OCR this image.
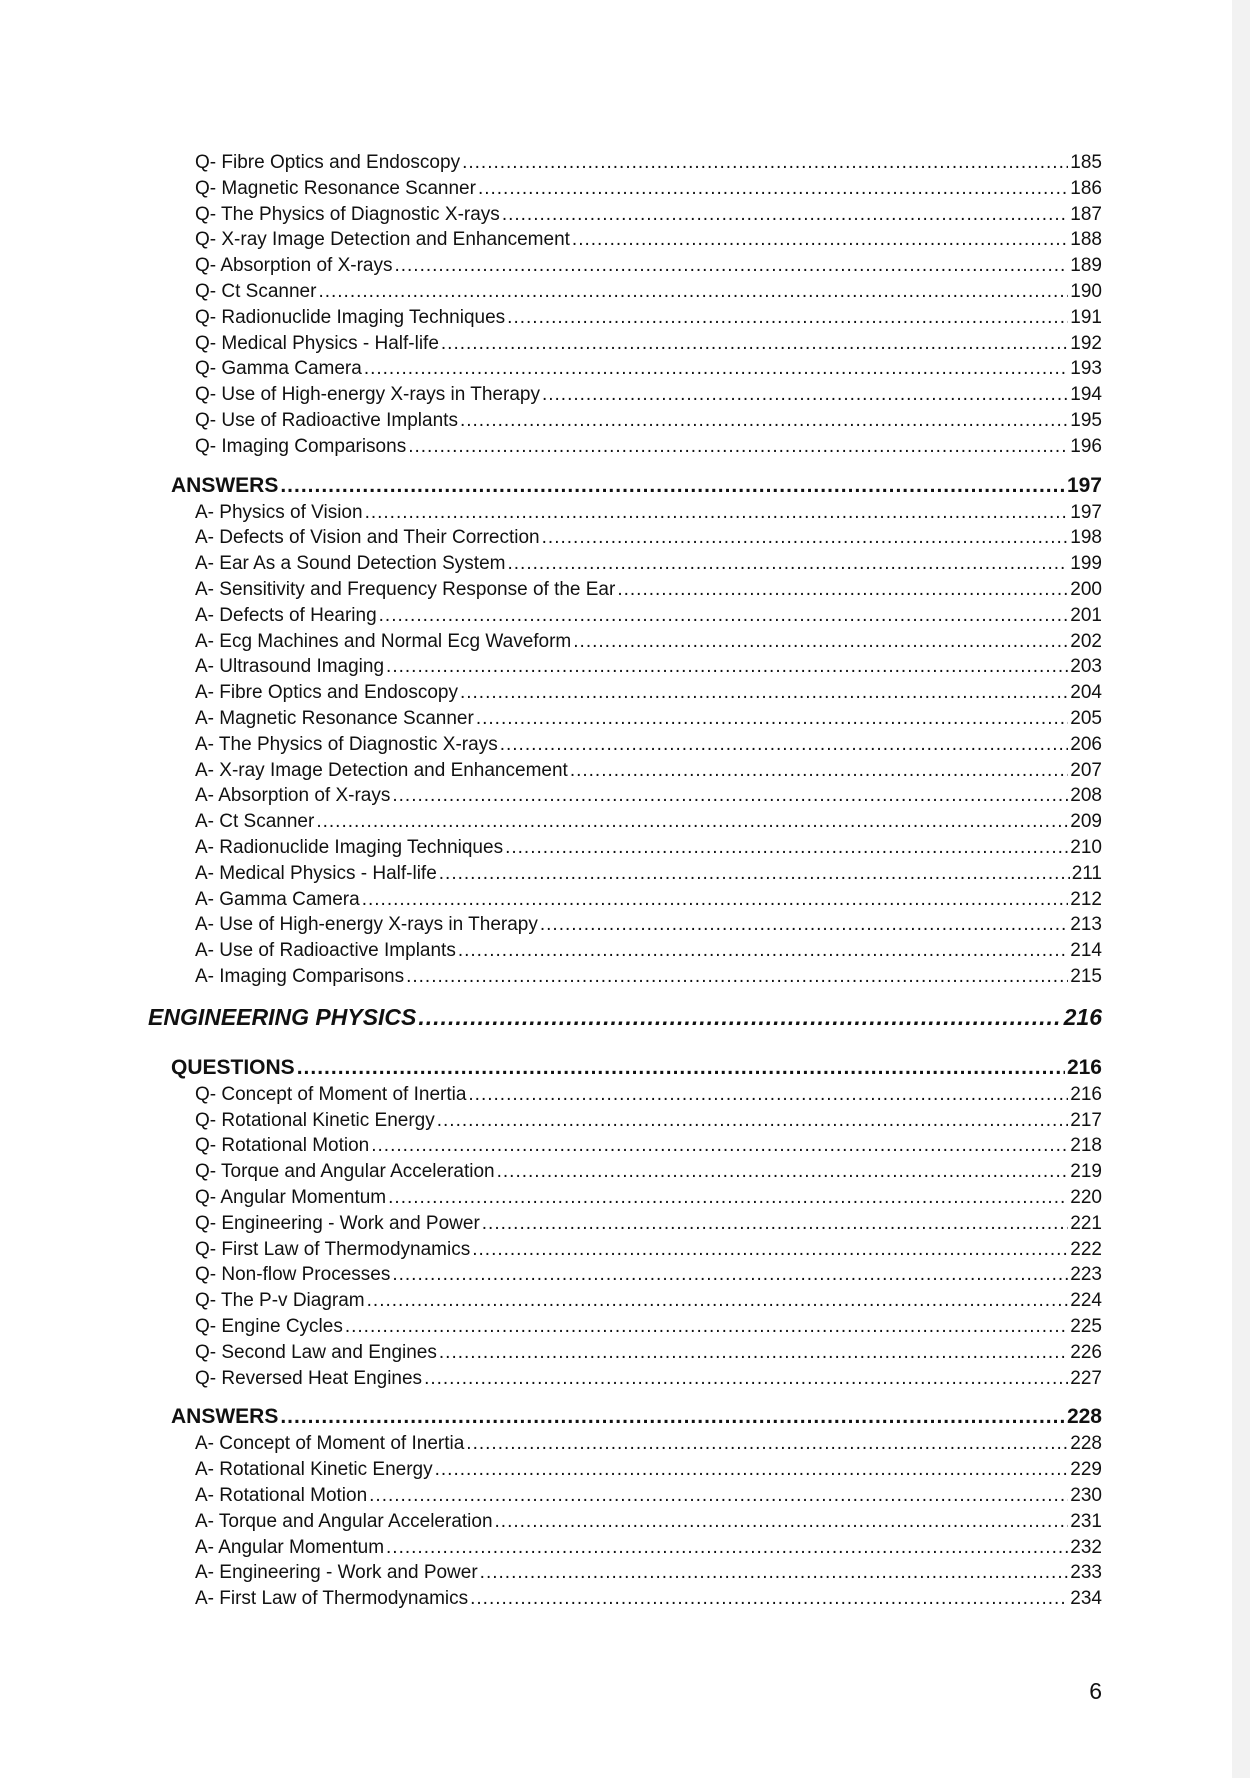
Q- Fibre Optics and Endoscopy .....	185
Q- Magnetic Resonance Scanner .....	186
Q- The Physics of Diagnostic X-rays .....	187
Q- X-ray Image Detection and Enhancement .....	188
Q- Absorption of X-rays .....	189
Q- Ct Scanner .....	190
Q- Radionuclide Imaging Techniques .....	191
Q- Medical Physics - Half-life .....	192
Q- Gamma Camera .....	193
Q- Use of High-energy X-rays in Therapy .....	194
Q- Use of Radioactive Implants .....	195
Q- Imaging Comparisons .....	196
ANSWERS .....	197
A- Physics of Vision .....	197
A- Defects of Vision and Their Correction .....	198
A- Ear As a Sound Detection System .....	199
A- Sensitivity and Frequency Response of the Ear .....	200
A- Defects of Hearing .....	201
A- Ecg Machines and Normal Ecg Waveform .....	202
A- Ultrasound Imaging .....	203
A- Fibre Optics and Endoscopy .....	204
A- Magnetic Resonance Scanner .....	205
A- The Physics of Diagnostic X-rays .....	206
A- X-ray Image Detection and Enhancement .....	207
A- Absorption of X-rays .....	208
A- Ct Scanner .....	209
A- Radionuclide Imaging Techniques .....	210
A- Medical Physics - Half-life .....	211
A- Gamma Camera .....	212
A- Use of High-energy X-rays in Therapy .....	213
A- Use of Radioactive Implants .....	214
A- Imaging Comparisons .....	215
ENGINEERING PHYSICS .....	216
QUESTIONS .....	216
Q- Concept of Moment of Inertia .....	216
Q- Rotational Kinetic Energy .....	217
Q- Rotational Motion .....	218
Q- Torque and Angular Acceleration .....	219
Q- Angular Momentum .....	220
Q- Engineering - Work and Power .....	221
Q- First Law of Thermodynamics .....	222
Q- Non-flow Processes .....	223
Q- The P-v Diagram .....	224
Q- Engine Cycles .....	225
Q- Second Law and Engines .....	226
Q- Reversed Heat Engines .....	227
ANSWERS .....	228
A- Concept of Moment of Inertia .....	228
A- Rotational Kinetic Energy .....	229
A- Rotational Motion .....	230
A- Torque and Angular Acceleration .....	231
A- Angular Momentum .....	232
A- Engineering - Work and Power .....	233
A- First Law of Thermodynamics .....	234
6
